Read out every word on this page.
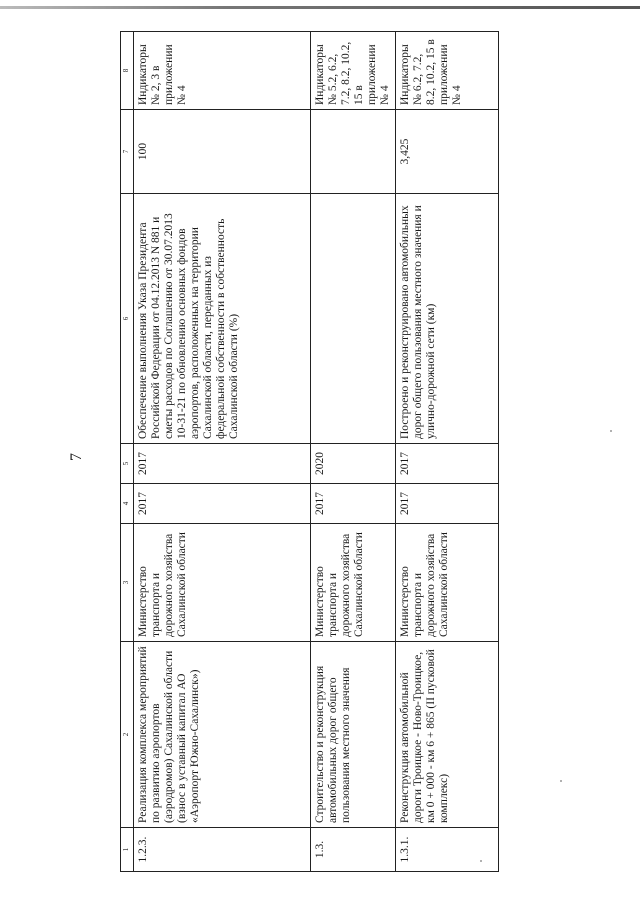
7
1	2	3	4	5	6	7	8
1.2.3.	Реализация комплекса мероприятий по развитию аэропортов (аэродромов) Сахалинской области (взнос в уставный капитал АО «Аэропорт Южно-Сахалинск»)	Министерство транспорта и дорожного хозяйства Сахалинской области	2017	2017	Обеспечение выполнения Указа Президента Российской Федерации от 04.12.2013 N 881 и сметы расходов по Соглашению от 30.07.2013 10-31-21 по обновлению основных фондов аэропортов, расположенных на территории Сахалинской области, переданных из федеральной собственности в собственность Сахалинской области (%)	100	Индикаторы № 2, 3 в приложении № 4
1.3.	Строительство и реконструкция автомобильных дорог общего пользования местного значения	Министерство транспорта и дорожного хозяйства Сахалинской области	2017	2020			Индикаторы № 5.2, 6.2, 7.2, 8.2, 10.2, 15 в приложении № 4
1.3.1.	Реконструкция автомобильной дороги Троицкое - Ново-Троицкое, км 0 + 000 - км 6 + 865 (II пусковой комплекс)	Министерство транспорта и дорожного хозяйства Сахалинской области	2017	2017	Построено и реконструировано автомобильных дорог общего пользования местного значения и улично-дорожной сети (км)	3,425	Индикаторы № 6.2, 7.2, 8.2, 10.2, 15 в приложении № 4
